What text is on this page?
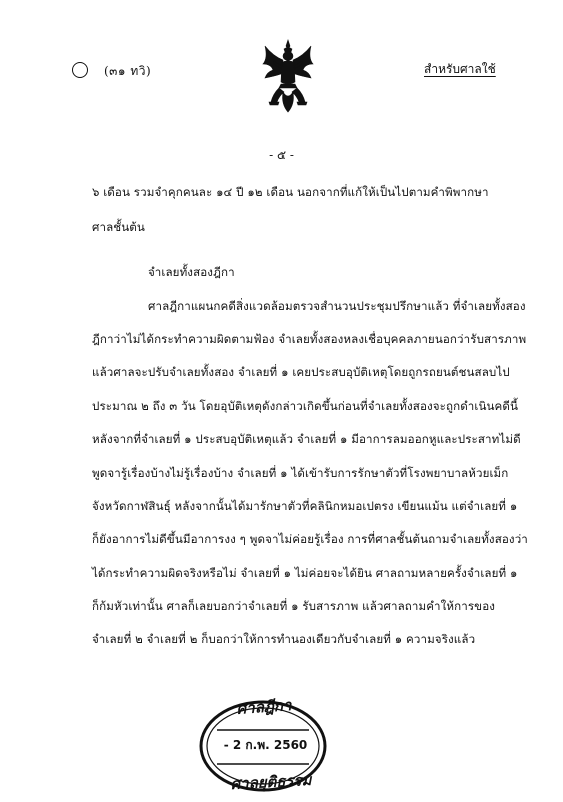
(๓๑ ทวิ)	สำหรับศาลใช้
- ๕ -
๖ เดือน รวมจำคุกคนละ ๑๔ ปี ๑๒ เดือน นอกจากที่แก้ให้เป็นไปตามคำพิพากษา
ศาลชั้นต้น
จำเลยทั้งสองฎีกา
ศาลฎีกาแผนกคดีสิ่งแวดล้อมตรวจสำนวนประชุมปรึกษาแล้ว ที่จำเลยทั้งสอง
ฎีกาว่าไม่ได้กระทำความผิดตามฟ้อง จำเลยทั้งสองหลงเชื่อบุคคลภายนอกว่ารับสารภาพ
แล้วศาลจะปรับจำเลยทั้งสอง จำเลยที่ ๑ เคยประสบอุบัติเหตุโดยถูกรถยนต์ชนสลบไป
ประมาณ ๒ ถึง ๓ วัน โดยอุบัติเหตุดังกล่าวเกิดขึ้นก่อนที่จำเลยทั้งสองจะถูกดำเนินคดีนี้
หลังจากที่จำเลยที่ ๑ ประสบอุบัติเหตุแล้ว จำเลยที่ ๑ มีอาการลมออกหูและประสาทไม่ดี
พูดจารู้เรื่องบ้างไม่รู้เรื่องบ้าง จำเลยที่ ๑ ได้เข้ารับการรักษาตัวที่โรงพยาบาลห้วยเม็ก
จังหวัดกาฬสินธุ์ หลังจากนั้นได้มารักษาตัวที่คลินิกหมอเปตรง เขียนแม้น แต่จำเลยที่ ๑
ก็ยังอาการไม่ดีขึ้นมีอาการงง ๆ พูดจาไม่ค่อยรู้เรื่อง การที่ศาลชั้นต้นถามจำเลยทั้งสองว่า
ได้กระทำความผิดจริงหรือไม่ จำเลยที่ ๑ ไม่ค่อยจะได้ยิน ศาลถามหลายครั้งจำเลยที่ ๑
ก็ก้มหัวเท่านั้น ศาลก็เลยบอกว่าจำเลยที่ ๑ รับสารภาพ แล้วศาลถามคำให้การของ
จำเลยที่ ๒ จำเลยที่ ๒ ก็บอกว่าให้การทำนองเดียวกับจำเลยที่ ๑ ความจริงแล้ว
ศาลฎีกา
- 2 ก.พ. 2560
ศาลยุติธรรม
